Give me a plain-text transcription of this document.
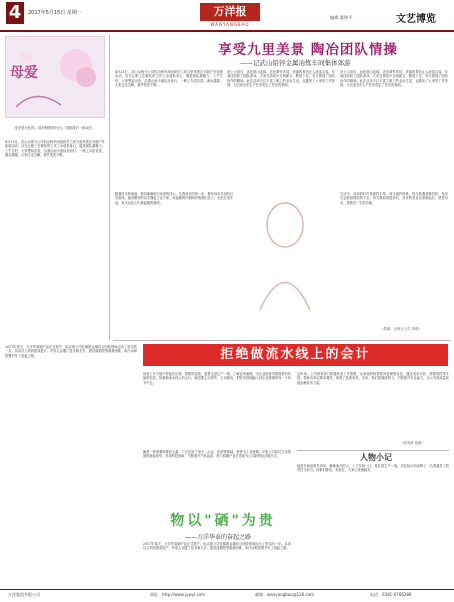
4	2017年5月15日 星期一	万洋报
WANYANGBAO
编辑 董和平	文艺博览
享受九里美景 陶冶团队情操
——记武山铅锌金属冶炼车间集体郊游
母爱
母爱是无私的，那份默默的付出，伴随我们一路成长。
4月21日，武山冶炼分公司铅冶炼车间组织员工到九里风景区开展户外拓展活动，旨在让职工在紧张的工作之余放松身心，增进团队凝聚力。上午九时，大家整装出发，沿着山间小道徒步前行。一路上鸟语花香，溪水潺潺，大家边走边聊，欢声笑语不断。
4月21日，武山冶炼分公司铅冶炼车间组织员工到九里风景区开展户外拓展活动，旨在让职工在紧张的工作之余放松身心，增进团队凝聚力。上午九时，大家整装出发，沿着山间小道徒步前行。一路上鸟语花香，溪水潺潺，大家边走边聊，欢声笑语不断。
登上山顶后，远处群山连绵，近处翠竹环绕，美丽的景色让人流连忘返。车间还组织了团队游戏，大家在游戏中互相配合、默契十足，充分展现了团结协作的精神。此次活动不仅丰富了职工的业余生活，也激发了大家的工作热情，为完成全年生产任务奠定了坚实的基础。
登上山顶后，远处群山连绵，近处翠竹环绕，美丽的景色让人流连忘返。车间还组织了团队游戏，大家在游戏中互相配合、默契十足，充分展现了团结协作的精神。此次活动不仅丰富了职工的业余生活，也激发了大家的工作热情，为完成全年生产任务奠定了坚实的基础。
随着时光的流逝，我们渐渐明白母爱的伟大。在我成长的每一步，都有母亲关切的目光陪伴。她用勤劳的双手撑起了这个家，用温暖的怀抱呵护着我们长大。无论走得多远，家永远是心中最温暖的港湾。
生活中，母亲的叮咛是那样平常，却又那样珍贵。每当我遇到挫折时，母亲总会鼓励我坚持下去；每当我取得进步时，母亲的笑容比谁都灿烂。感恩母亲，是我们一生的功课。
（供稿：冶炼分公司 李明）
拒绝做流水线上的会计
财务工作不能只停留在记账、算账的层面，更要走进生产一线，了解业务流程，为企业经营决策提供有价值的信息。拒绝做流水线上的会计，就是要主动思考、主动服务，把财务管理融入到企业管理的每一个环节中去。
近年来，公司财务部门积极转变工作思路，从单纯的核算型向管理型转变，通过成本分析、预算管控等手段，帮助各单位降本增效，取得了显著成效。未来，我们将继续努力，不断提升专业能力，为公司高质量发展贡献财务力量。
（财务部 周丽）
2017年春天，万洋华泰硒产品正式投产，标志着公司在稀散金属综合回收领域迈出了坚实的一步。从项目立项到建成投产，华泰人克服了技术难关多、建设周期短等重重困难，用汗水和智慧书写了奋起之路。
物以"硒"为贵
——万洋华泰的奋起之路
硒是一种重要的稀有元素，广泛应用于电子、冶金、医药等领域，被誉为工业味精。华泰公司依托万洋集团的资源优势，坚持科技创新，不断提升产品品质，努力将硒产业打造成为公司新的经济增长点。
2017年春天，万洋华泰硒产品正式投产，标志着公司在稀散金属综合回收领域迈出了坚实的一步。从项目立项到建成投产，华泰人克服了技术难关多、建设周期短等重重困难，用汗水和智慧书写了奋起之路。
人物小记
他是车间里最早到岗、最晚离开的人。十几年如一日，他扎根生产一线，用实际行动诠释了一名普通员工的责任与担当。同事们都说，有他在，大家心里就踏实。
万洋集团有限公司	网址：http://www.jywyl.com	邮箱：wanyangbao@126.com	电话：0391-6766288
